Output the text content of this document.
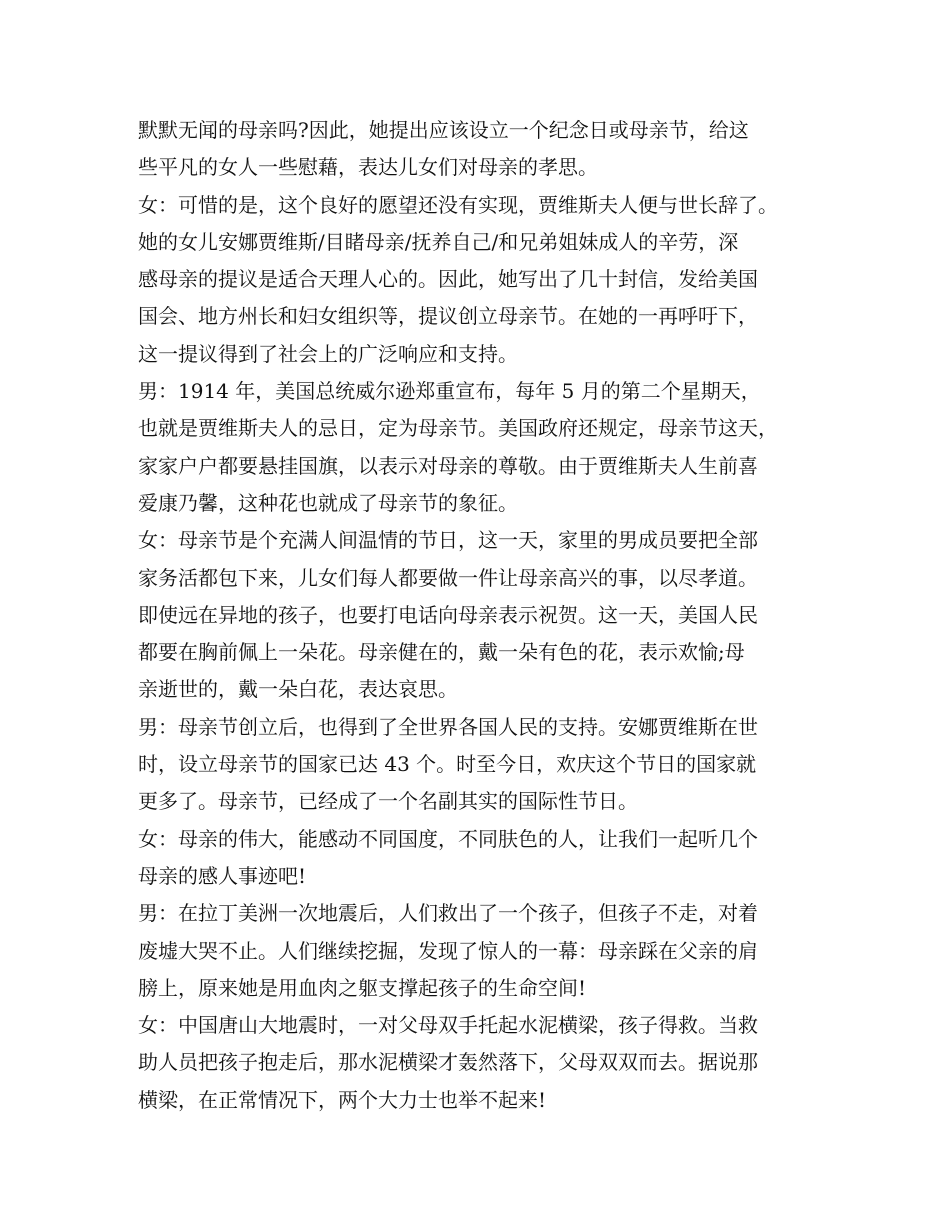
默默无闻的母亲吗?因此，她提出应该设立一个纪念日或母亲节，给这
些平凡的女人一些慰藉，表达儿女们对母亲的孝思。
女：可惜的是，这个良好的愿望还没有实现，贾维斯夫人便与世长辞了。
她的女儿安娜贾维斯/目睹母亲/抚养自己/和兄弟姐妹成人的辛劳，深
感母亲的提议是适合天理人心的。因此，她写出了几十封信，发给美国
国会、地方州长和妇女组织等，提议创立母亲节。在她的一再呼吁下，
这一提议得到了社会上的广泛响应和支持。
男：1914 年，美国总统威尔逊郑重宣布，每年 5 月的第二个星期天，
也就是贾维斯夫人的忌日，定为母亲节。美国政府还规定，母亲节这天，
家家户户都要悬挂国旗，以表示对母亲的尊敬。由于贾维斯夫人生前喜
爱康乃馨，这种花也就成了母亲节的象征。
女：母亲节是个充满人间温情的节日，这一天，家里的男成员要把全部
家务活都包下来，儿女们每人都要做一件让母亲高兴的事，以尽孝道。
即使远在异地的孩子，也要打电话向母亲表示祝贺。这一天，美国人民
都要在胸前佩上一朵花。母亲健在的，戴一朵有色的花，表示欢愉;母
亲逝世的，戴一朵白花，表达哀思。
男：母亲节创立后，也得到了全世界各国人民的支持。安娜贾维斯在世
时，设立母亲节的国家已达 43 个。时至今日，欢庆这个节日的国家就
更多了。母亲节，已经成了一个名副其实的国际性节日。
女：母亲的伟大，能感动不同国度，不同肤色的人，让我们一起听几个
母亲的感人事迹吧!
男：在拉丁美洲一次地震后，人们救出了一个孩子，但孩子不走，对着
废墟大哭不止。人们继续挖掘，发现了惊人的一幕：母亲踩在父亲的肩
膀上，原来她是用血肉之躯支撑起孩子的生命空间!
女：中国唐山大地震时，一对父母双手托起水泥横梁，孩子得救。当救
助人员把孩子抱走后，那水泥横梁才轰然落下，父母双双而去。据说那
横梁，在正常情况下，两个大力士也举不起来!
